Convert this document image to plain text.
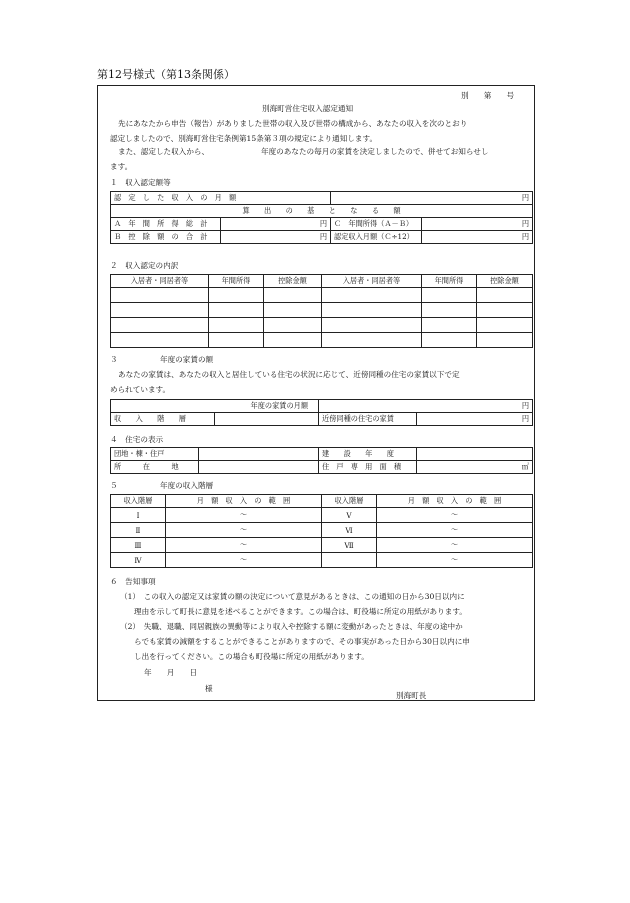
第12号様式（第13条関係）
別　　第　　号
別海町営住宅収入認定通知

先にあなたから申告（報告）がありました世帯の収入及び世帯の構成から、あなたの収入を次のとおり

認定しましたので、別海町営住宅条例第15条第３項の規定により通知します。

また、認定した収入から、	年度のあなたの毎月の家賃を決定しましたので、併せてお知らせし
ます。
１　収入認定額等
認　定　し　た　収　入　の　月　額		円	
算　　出　　の　　基　　と　　な　　る　　額			
Ａ　年　間　所　得　総　計	円	Ｃ　年間所得（Ａ－Ｂ）	円
Ｂ　控　除　額　の　合　計	円	認定収入月額（Ｃ÷12）	円
２　収入認定の内訳
入居者・同居者等	年間所得	控除金額	入居者・同居者等	年間所得	控除金額

３	年度の家賃の額
あなたの家賃は、あなたの収入と居住している住宅の状況に応じて、近傍同種の住宅の家賃以下で定
められています。
年度の家賃の月額		円	
収　　入　　階　　層		近傍同種の住宅の家賃	円
４　住宅の表示
団地・棟・住戸		建　　設　　年　　度	
所　　　在　　　地		住　戸　専　用　面　積	㎡
５	年度の収入階層
収入階層	月　額　収　入　の　範　囲	収入階層	月　額　収　入　の　範　囲
Ⅰ	～	Ⅴ	～
Ⅱ	～	Ⅵ	～
Ⅲ	～	Ⅶ	～
Ⅳ	～		～
６　告知事項
（1）　この収入の認定又は家賃の額の決定について意見があるときは、この通知の日から30日以内に
理由を示して町長に意見を述べることができます。この場合は、町役場に所定の用紙があります。
（2）　失職、退職、同居親族の異動等により収入や控除する額に変動があったときは、年度の途中か
らでも家賃の減額をすることができることがありますので、その事実があった日から30日以内に申
し出を行ってください。この場合も町役場に所定の用紙があります。
年　　月　　日
様
別海町長
